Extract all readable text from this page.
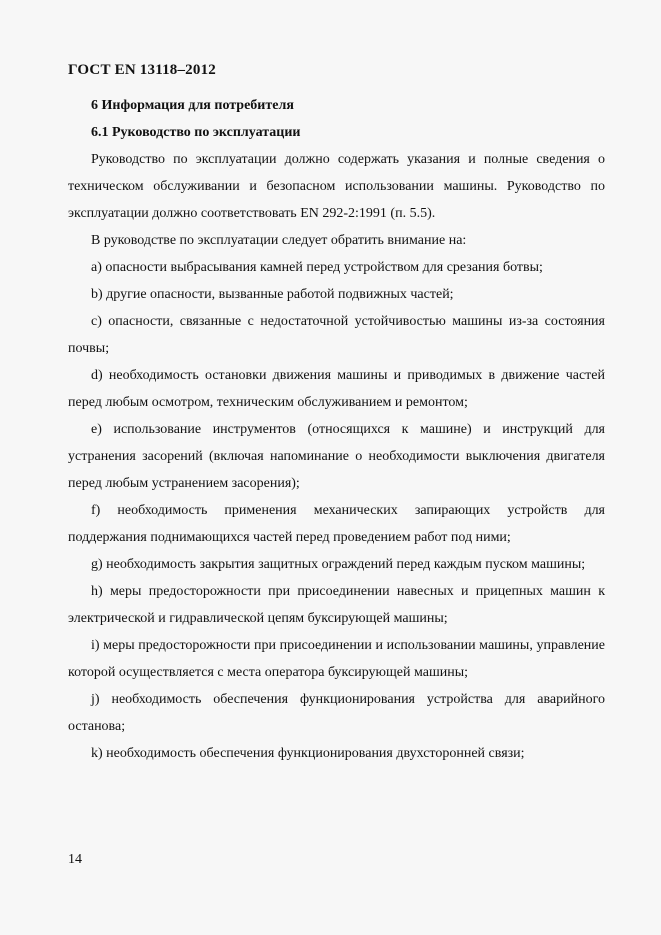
ГОСТ EN 13118–2012

6 Информация для потребителя

6.1 Руководство по эксплуатации

Руководство по эксплуатации должно содержать указания и полные сведения о техническом обслуживании и безопасном использовании машины. Руководство по эксплуатации должно соответствовать EN 292-2:1991 (п. 5.5).

В руководстве по эксплуатации следует обратить внимание на:

a) опасности выбрасывания камней перед устройством для срезания ботвы;

b) другие опасности, вызванные работой подвижных частей;

c) опасности, связанные с недостаточной устойчивостью машины из-за состояния почвы;

d) необходимость остановки движения машины и приводимых в движение частей перед любым осмотром, техническим обслуживанием и ремонтом;

e) использование инструментов (относящихся к машине) и инструкций для устранения засорений (включая напоминание о необходимости выключения двигателя перед любым устранением засорения);

f) необходимость применения механических запирающих устройств для поддержания поднимающихся частей перед проведением работ под ними;

g) необходимость закрытия защитных ограждений перед каждым пуском машины;

h) меры предосторожности при присоединении навесных и прицепных машин к электрической и гидравлической цепям буксирующей машины;

i) меры предосторожности при присоединении и использовании машины, управление которой осуществляется с места оператора буксирующей машины;

j) необходимость обеспечения функционирования устройства для аварийного останова;

k) необходимость обеспечения функционирования двухсторонней связи;

14
